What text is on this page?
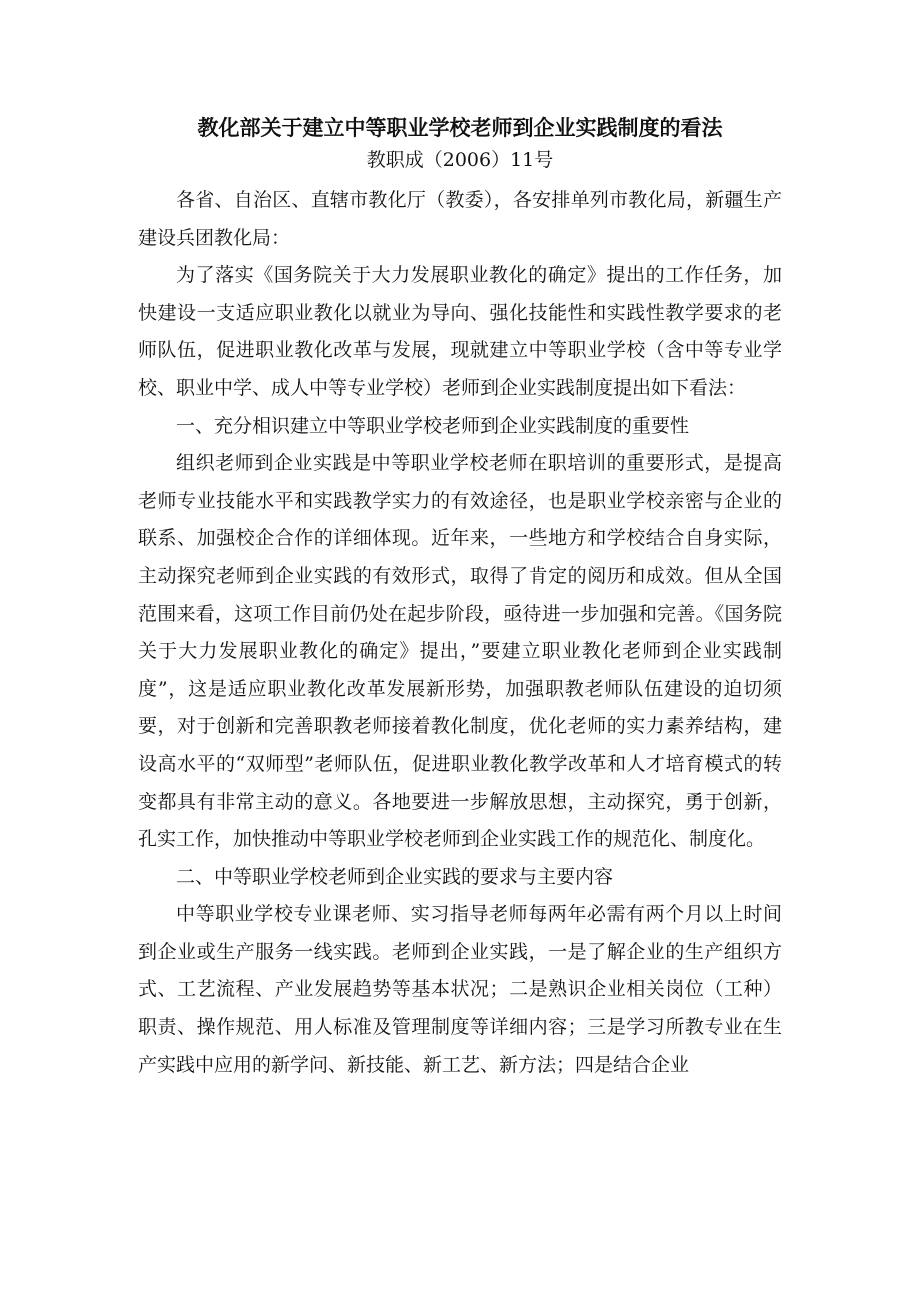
教化部关于建立中等职业学校老师到企业实践制度的看法
教职成（2006）11号

各省、自治区、直辖市教化厅（教委），各安排单列市教化局，新疆生产建设兵团教化局：

为了落实《国务院关于大力发展职业教化的确定》提出的工作任务，加快建设一支适应职业教化以就业为导向、强化技能性和实践性教学要求的老师队伍，促进职业教化改革与发展，现就建立中等职业学校（含中等专业学校、职业中学、成人中等专业学校）老师到企业实践制度提出如下看法：

一、充分相识建立中等职业学校老师到企业实践制度的重要性

组织老师到企业实践是中等职业学校老师在职培训的重要形式，是提高老师专业技能水平和实践教学实力的有效途径，也是职业学校亲密与企业的联系、加强校企合作的详细体现。近年来，一些地方和学校结合自身实际，主动探究老师到企业实践的有效形式，取得了肯定的阅历和成效。但从全国范围来看，这项工作目前仍处在起步阶段，亟待进一步加强和完善。《国务院关于大力发展职业教化的确定》提出，”要建立职业教化老师到企业实践制度”，这是适应职业教化改革发展新形势，加强职教老师队伍建设的迫切须要，对于创新和完善职教老师接着教化制度，优化老师的实力素养结构，建设高水平的“双师型”老师队伍，促进职业教化教学改革和人才培育模式的转变都具有非常主动的意义。各地要进一步解放思想，主动探究，勇于创新，孔实工作，加快推动中等职业学校老师到企业实践工作的规范化、制度化。

二、中等职业学校老师到企业实践的要求与主要内容

中等职业学校专业课老师、实习指导老师每两年必需有两个月以上时间到企业或生产服务一线实践。老师到企业实践，一是了解企业的生产组织方式、工艺流程、产业发展趋势等基本状况；二是熟识企业相关岗位（工种）职责、操作规范、用人标准及管理制度等详细内容；三是学习所教专业在生产实践中应用的新学问、新技能、新工艺、新方法；四是结合企业
